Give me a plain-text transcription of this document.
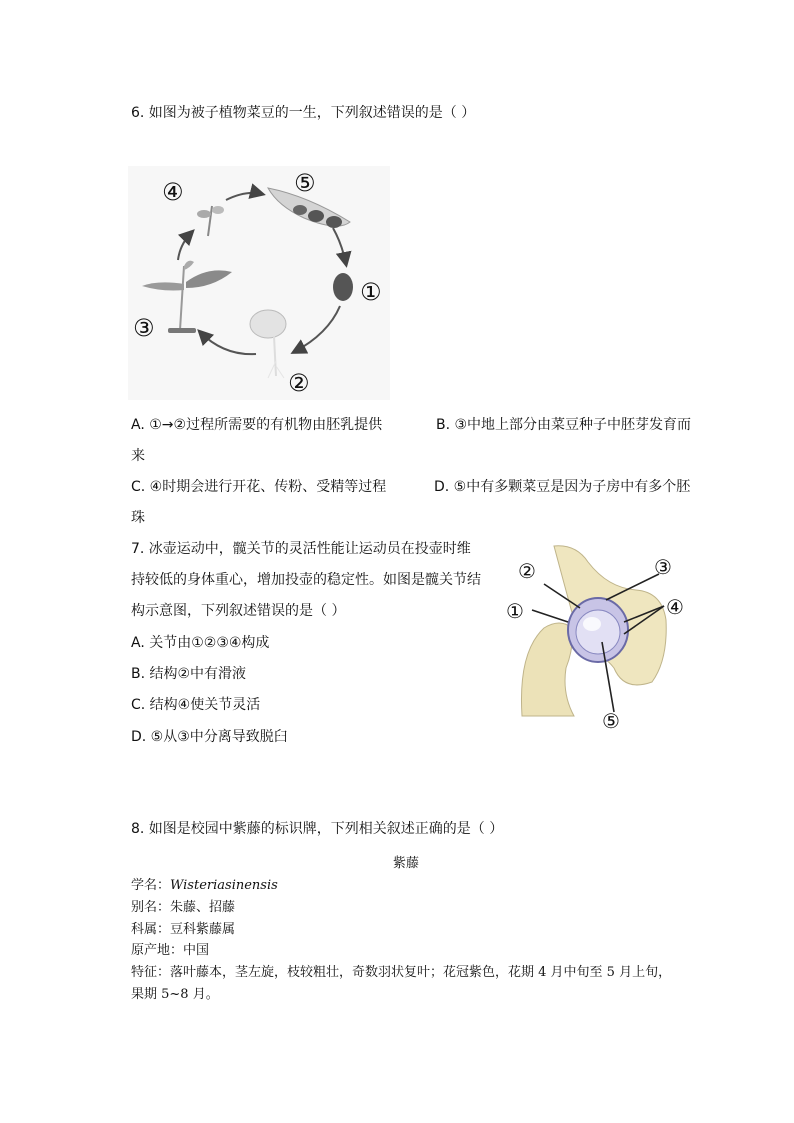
6. 如图为被子植物菜豆的一生，下列叙述错误的是（ ）
④	⑤
①
③
②
A. ①→②过程所需要的有机物由胚乳提供	B. ③中地上部分由菜豆种子中胚芽发育而
来
C. ④时期会进行开花、传粉、受精等过程	D. ⑤中有多颗菜豆是因为子房中有多个胚
珠
7. 冰壶运动中，髋关节的灵活性能让运动员在投壶时维
持较低的身体重心，增加投壶的稳定性。如图是髋关节结
构示意图，下列叙述错误的是（ ）
A. 关节由①②③④构成
B. 结构②中有滑液
C. 结构④使关节灵活
D. ⑤从③中分离导致脱臼
②	③
①	④
⑤
8. 如图是校园中紫藤的标识牌，下列相关叙述正确的是（ ）
紫藤
学名：Wisteriasinensis
别名：朱藤、招藤
科属：豆科紫藤属
原产地：中国
特征：落叶藤本，茎左旋，枝较粗壮，奇数羽状复叶；花冠紫色，花期 4 月中旬至 5 月上旬，
果期 5~8 月。
